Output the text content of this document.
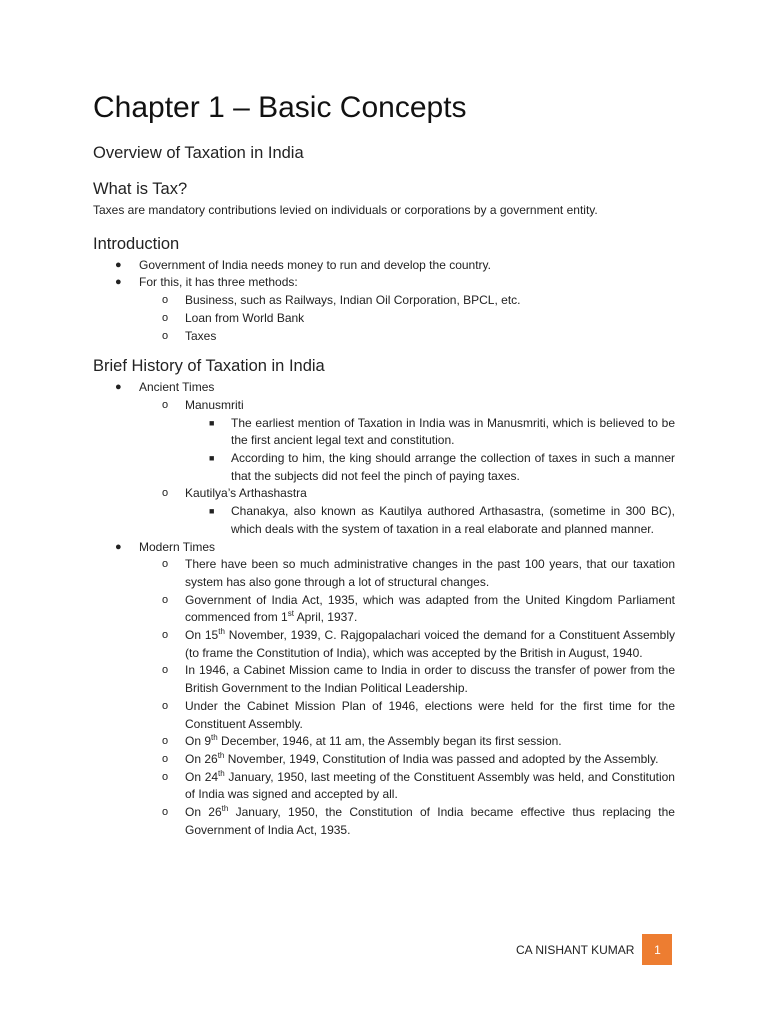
Chapter 1 – Basic Concepts
Overview of Taxation in India
What is Tax?

Taxes are mandatory contributions levied on individuals or corporations by a government entity.

Introduction
● Government of India needs money to run and develop the country.
● For this, it has three methods:
o Business, such as Railways, Indian Oil Corporation, BPCL, etc.
o Loan from World Bank
o Taxes
Brief History of Taxation in India
● Ancient Times
o Manusmriti
■ The earliest mention of Taxation in India was in Manusmriti, which is believed to be the first ancient legal text and constitution.
■ According to him, the king should arrange the collection of taxes in such a manner that the subjects did not feel the pinch of paying taxes.
o Kautilya’s Arthashastra
■ Chanakya, also known as Kautilya authored Arthasastra, (sometime in 300 BC), which deals with the system of taxation in a real elaborate and planned manner.
● Modern Times
o There have been so much administrative changes in the past 100 years, that our taxation system has also gone through a lot of structural changes.
o Government of India Act, 1935, which was adapted from the United Kingdom Parliament commenced from 1st April, 1937.
o On 15th November, 1939, C. Rajgopalachari voiced the demand for a Constituent Assembly (to frame the Constitution of India), which was accepted by the British in August, 1940.
o In 1946, a Cabinet Mission came to India in order to discuss the transfer of power from the British Government to the Indian Political Leadership.
o Under the Cabinet Mission Plan of 1946, elections were held for the first time for the Constituent Assembly.
o On 9th December, 1946, at 11 am, the Assembly began its first session.
o On 26th November, 1949, Constitution of India was passed and adopted by the Assembly.
o On 24th January, 1950, last meeting of the Constituent Assembly was held, and Constitution of India was signed and accepted by all.
o On 26th January, 1950, the Constitution of India became effective thus replacing the Government of India Act, 1935.
CA NISHANT KUMAR	1
